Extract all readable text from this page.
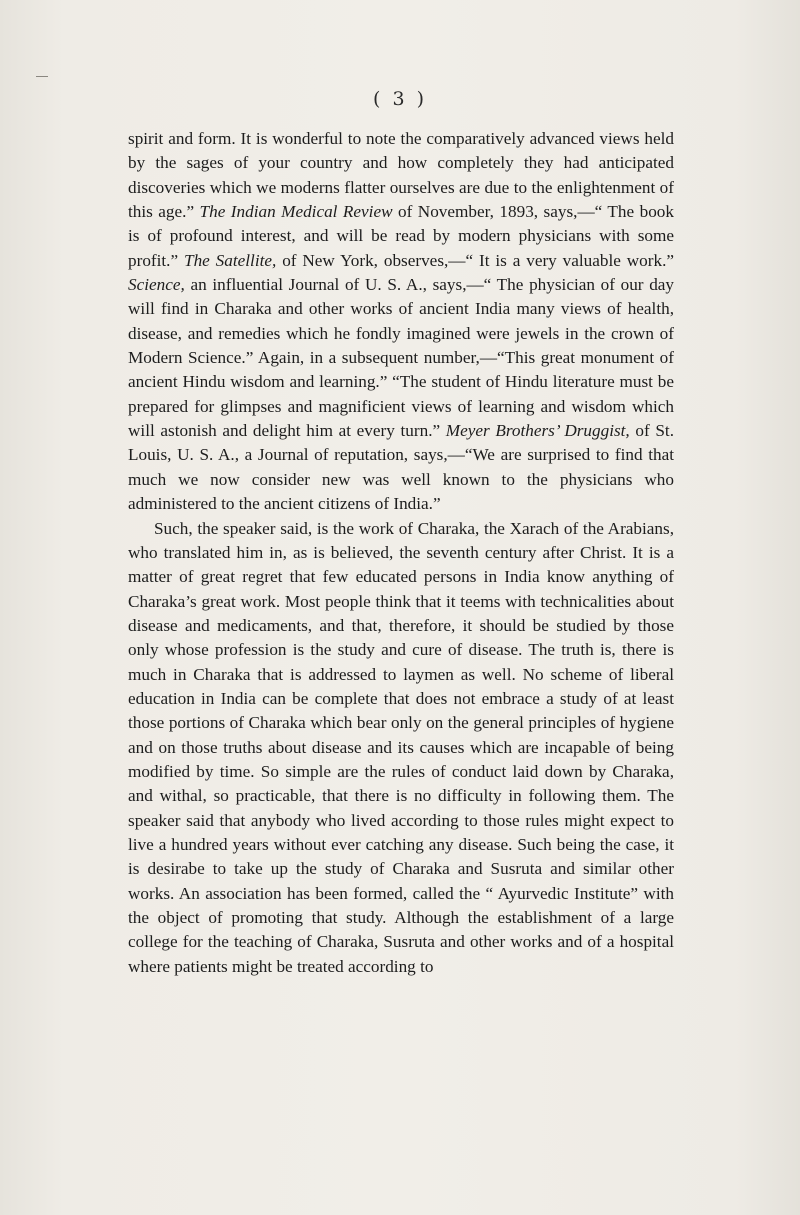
( 3 )

spirit and form. It is wonderful to note the comparatively advanced views held by the sages of your country and how completely they had anticipated discoveries which we moderns flatter ourselves are due to the enlightenment of this age.” The Indian Medical Review of November, 1893, says,—“ The book is of profound interest, and will be read by modern physicians with some profit.” The Satellite, of New York, observes,—“ It is a very valuable work.” Science, an influential Journal of U. S. A., says,—“ The physician of our day will find in Charaka and other works of ancient India many views of health, disease, and remedies which he fondly imagined were jewels in the crown of Modern Science.” Again, in a subsequent number,—“This great monument of ancient Hindu wisdom and learning.” “The student of Hindu literature must be prepared for glimpses and magnificient views of learning and wisdom which will astonish and delight him at every turn.” Meyer Brothers’ Druggist, of St. Louis, U. S. A., a Journal of reputation, says,—“We are surprised to find that much we now consider new was well known to the physicians who administered to the ancient citizens of India.”

Such, the speaker said, is the work of Charaka, the Xarach of the Arabians, who translated him in, as is believed, the seventh century after Christ. It is a matter of great regret that few educated persons in India know anything of Charaka’s great work. Most people think that it teems with technicalities about disease and medicaments, and that, therefore, it should be studied by those only whose profession is the study and cure of disease. The truth is, there is much in Charaka that is addressed to laymen as well. No scheme of liberal education in India can be complete that does not embrace a study of at least those portions of Charaka which bear only on the general principles of hygiene and on those truths about disease and its causes which are incapable of being modified by time. So simple are the rules of conduct laid down by Charaka, and withal, so practicable, that there is no difficulty in following them. The speaker said that anybody who lived according to those rules might expect to live a hundred years without ever catching any disease. Such being the case, it is desirabe to take up the study of Charaka and Susruta and similar other works. An association has been formed, called the “ Ayurvedic Institute” with the object of promoting that study. Although the establishment of a large college for the teaching of Charaka, Susruta and other works and of a hospital where patients might be treated according to
